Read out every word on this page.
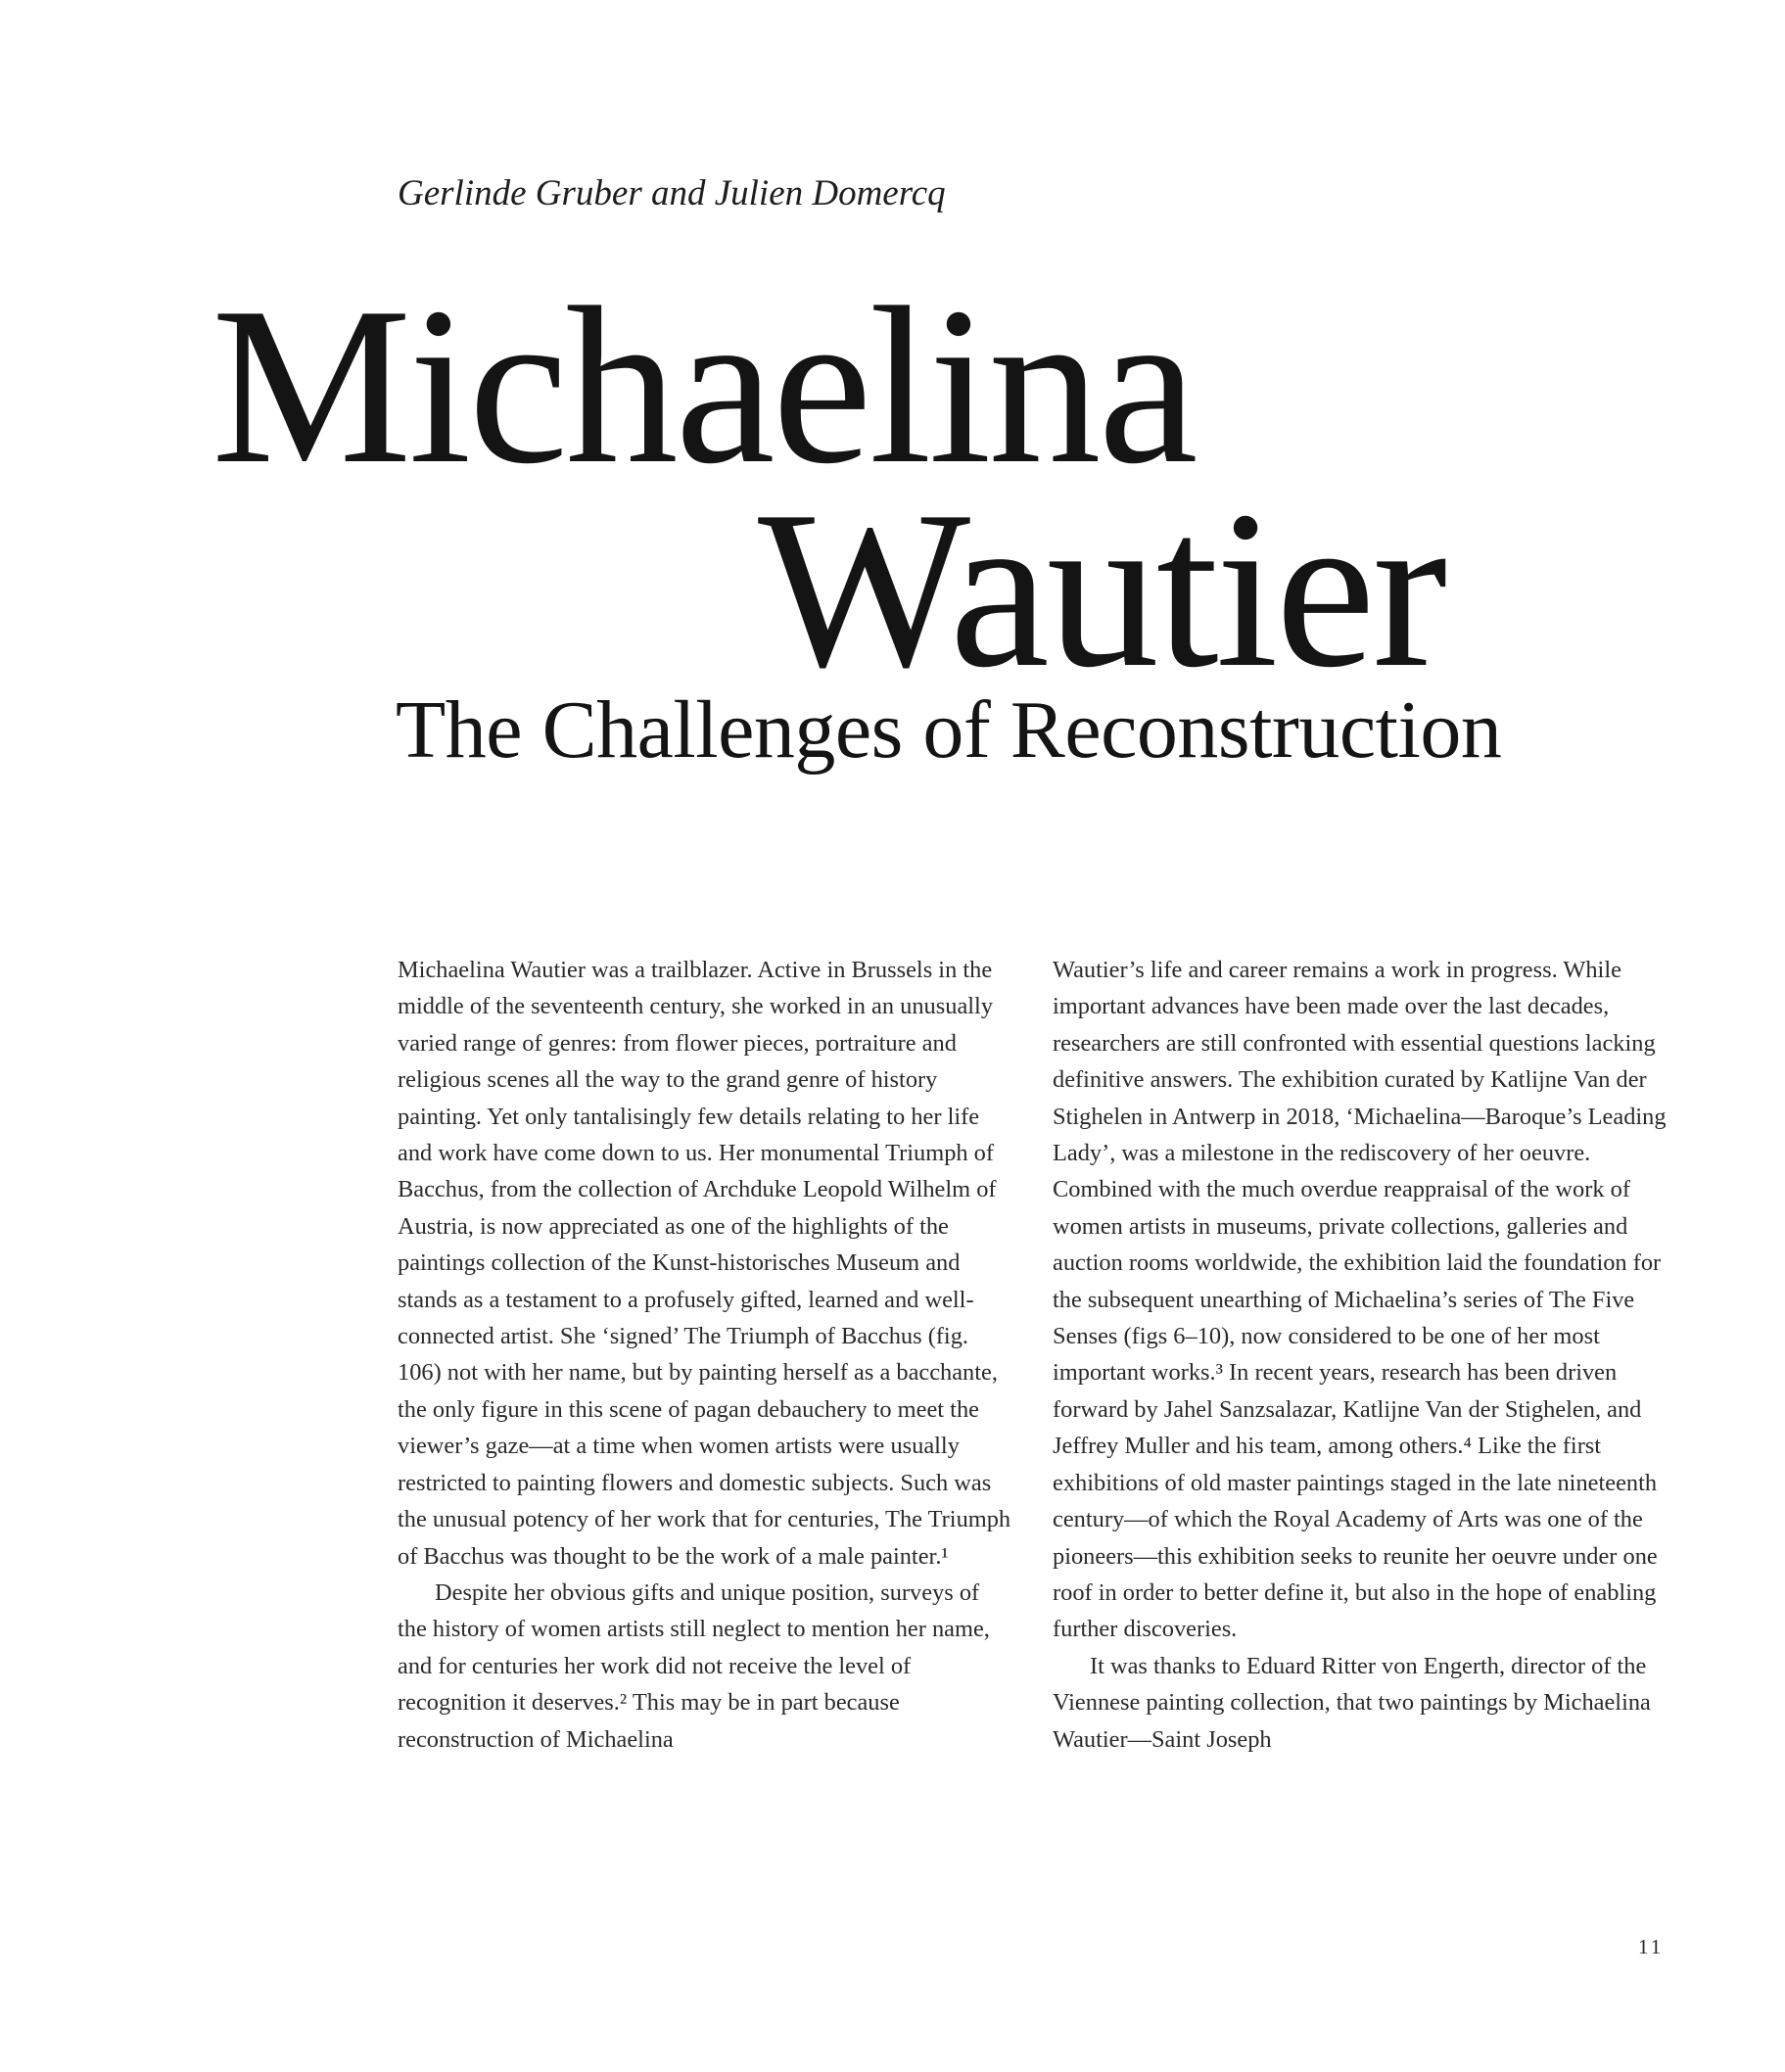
Gerlinde Gruber and Julien Domercq

Michaelina
Wautier
The Challenges of Reconstruction

Michaelina Wautier was a trailblazer. Active in Brussels in the middle of the seventeenth century, she worked in an unusually varied range of genres: from flower pieces, portraiture and religious scenes all the way to the grand genre of history painting. Yet only tantalisingly few details relating to her life and work have come down to us. Her monumental Triumph of Bacchus, from the collection of Archduke Leopold Wilhelm of Austria, is now appreciated as one of the highlights of the paintings collection of the Kunst-historisches Museum and stands as a testament to a profusely gifted, learned and well-connected artist. She ‘signed’ The Triumph of Bacchus (fig. 106) not with her name, but by painting herself as a bacchante, the only figure in this scene of pagan debauchery to meet the viewer’s gaze—at a time when women artists were usually restricted to painting flowers and domestic subjects. Such was the unusual potency of her work that for centuries, The Triumph of Bacchus was thought to be the work of a male painter.¹

Despite her obvious gifts and unique position, surveys of the history of women artists still neglect to mention her name, and for centuries her work did not receive the level of recognition it deserves.² This may be in part because reconstruction of Michaelina

Wautier’s life and career remains a work in progress. While important advances have been made over the last decades, researchers are still confronted with essential questions lacking definitive answers. The exhibition curated by Katlijne Van der Stighelen in Antwerp in 2018, ‘Michaelina—Baroque’s Leading Lady’, was a milestone in the rediscovery of her oeuvre. Combined with the much overdue reappraisal of the work of women artists in museums, private collections, galleries and auction rooms worldwide, the exhibition laid the foundation for the subsequent unearthing of Michaelina’s series of The Five Senses (figs 6–10), now considered to be one of her most important works.³ In recent years, research has been driven forward by Jahel Sanzsalazar, Katlijne Van der Stighelen, and Jeffrey Muller and his team, among others.⁴ Like the first exhibitions of old master paintings staged in the late nineteenth century—of which the Royal Academy of Arts was one of the pioneers—this exhibition seeks to reunite her oeuvre under one roof in order to better define it, but also in the hope of enabling further discoveries.

It was thanks to Eduard Ritter von Engerth, director of the Viennese painting collection, that two paintings by Michaelina Wautier—Saint Joseph

11
